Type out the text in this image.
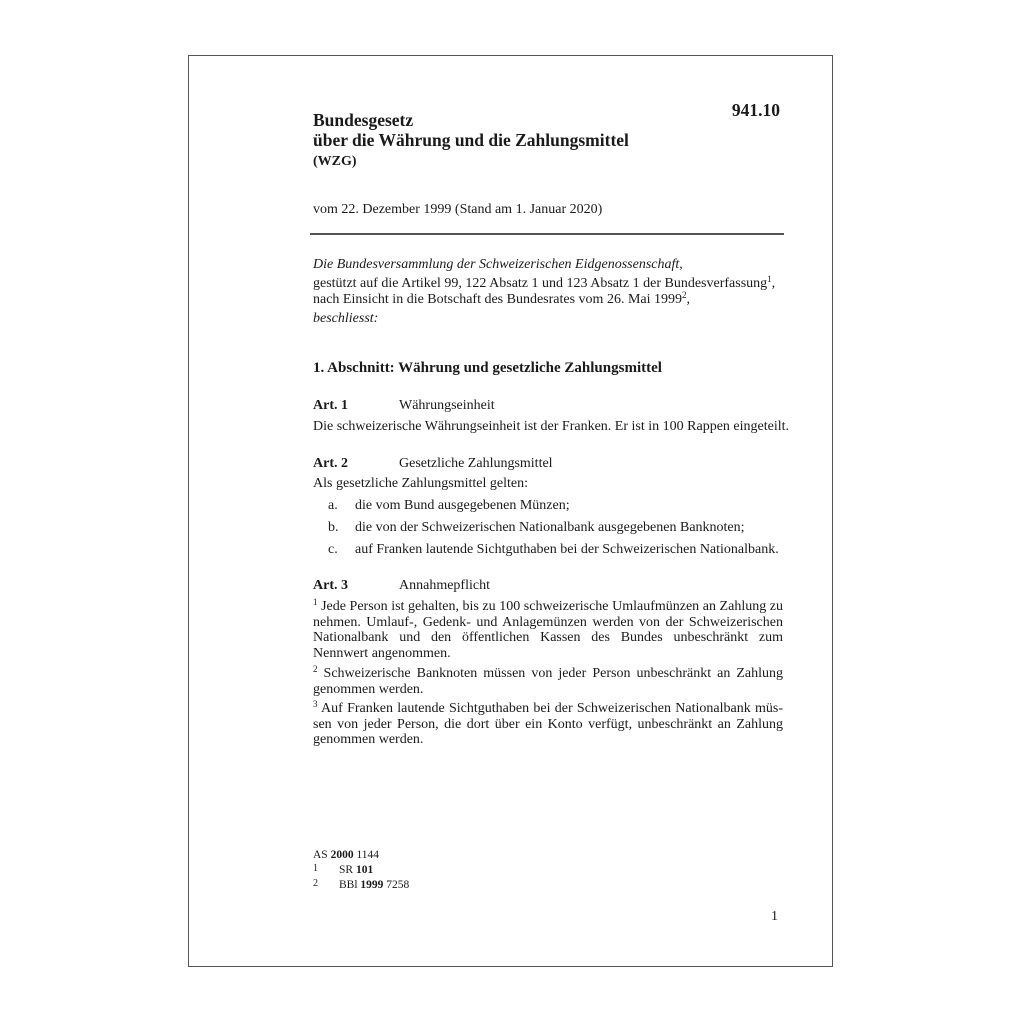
Bundesgesetz
über die Währung und die Zahlungsmittel
941.10
(WZG)
vom 22. Dezember 1999 (Stand am 1. Januar 2020)
Die Bundesversammlung der Schweizerischen Eidgenossenschaft,
gestützt auf die Artikel 99, 122 Absatz 1 und 123 Absatz 1 der Bundesverfassung$^1$,
nach Einsicht in die Botschaft des Bundesrates vom 26. Mai 1999$^2$,
beschliesst:
1. Abschnitt: Währung und gesetzliche Zahlungsmittel
Art. 1	Währungseinheit
Die schweizerische Währungseinheit ist der Franken. Er ist in 100 Rappen eingeteilt.
Art. 2	Gesetzliche Zahlungsmittel
Als gesetzliche Zahlungsmittel gelten:
a. die vom Bund ausgegebenen Münzen;
b. die von der Schweizerischen Nationalbank ausgegebenen Banknoten;
c. auf Franken lautende Sichtguthaben bei der Schweizerischen Nationalbank.
Art. 3	Annahmepflicht
$^1$ Jede Person ist gehalten, bis zu 100 schweizerische Umlaufmünzen an Zahlung zu nehmen. Umlauf-, Gedenk- und Anlagemünzen werden von der Schweizerischen Nationalbank und den öffentlichen Kassen des Bundes unbeschränkt zum Nennwert angenommen.
$^2$ Schweizerische Banknoten müssen von jeder Person unbeschränkt an Zahlung genommen werden.
$^3$ Auf Franken lautende Sichtguthaben bei der Schweizerischen Nationalbank müs-sen von jeder Person, die dort über ein Konto verfügt, unbeschränkt an Zahlung genommen werden.
AS 2000 1144
1 SR 101
2 BBl 1999 7258
1
